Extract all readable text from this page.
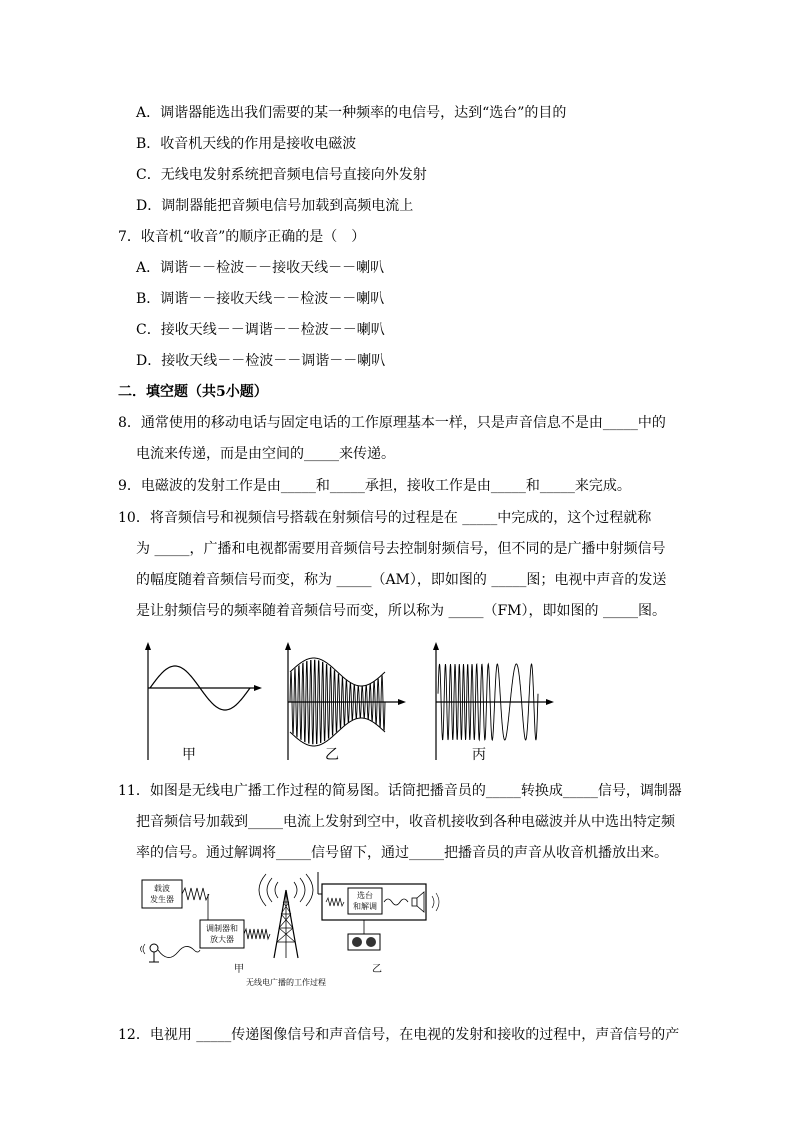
A．调谐器能选出我们需要的某一种频率的电信号，达到“选台”的目的
B．收音机天线的作用是接收电磁波
C．无线电发射系统把音频电信号直接向外发射
D．调制器能把音频电信号加载到高频电流上
7．收音机“收音”的顺序正确的是（　）
A．调谐－－检波－－接收天线－－喇叭
B．调谐－－接收天线－－检波－－喇叭
C．接收天线－－调谐－－检波－－喇叭
D．接收天线－－检波－－调谐－－喇叭
二．填空题（共5小题）
8．通常使用的移动电话与固定电话的工作原理基本一样，只是声音信息不是由_____中的
电流来传递，而是由空间的_____来传递。
9．电磁波的发射工作是由_____和_____承担，接收工作是由_____和_____来完成。
10．将音频信号和视频信号搭载在射频信号的过程是在 _____中完成的，这个过程就称
为 _____，广播和电视都需要用音频信号去控制射频信号，但不同的是广播中射频信号
的幅度随着音频信号而变，称为 _____（AM），即如图的 _____图；电视中声音的发送
是让射频信号的频率随着音频信号而变，所以称为 _____（FM），即如图的 _____图。
甲	乙	丙
11．如图是无线电广播工作过程的简易图。话筒把播音员的_____转换成_____信号，调制器
把音频信号加载到_____电流上发射到空中，收音机接收到各种电磁波并从中选出特定频
率的信号。通过解调将_____信号留下，通过_____把播音员的声音从收音机播放出来。
载波
发生器
调制器和
放大器
选台
和解调
甲	乙
无线电广播的工作过程
12．电视用 _____传递图像信号和声音信号，在电视的发射和接收的过程中，声音信号的产
